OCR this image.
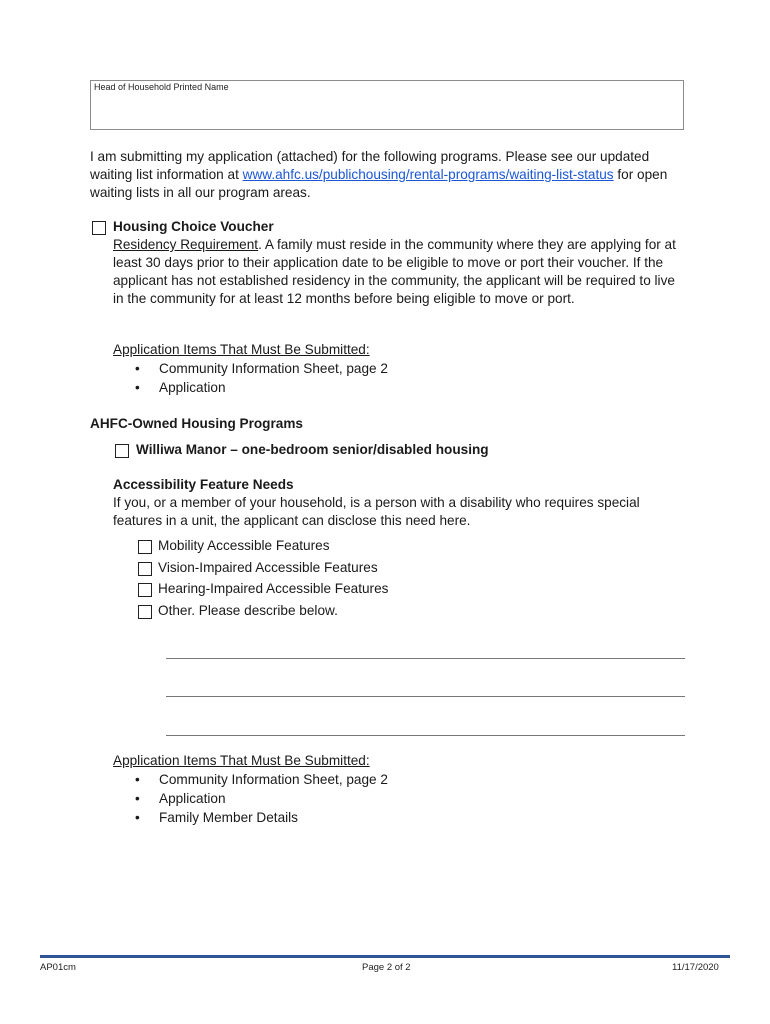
Head of Household Printed Name
I am submitting my application (attached) for the following programs. Please see our updated waiting list information at www.ahfc.us/publichousing/rental-programs/waiting-list-status for open waiting lists in all our program areas.
Housing Choice Voucher
Residency Requirement. A family must reside in the community where they are applying for at least 30 days prior to their application date to be eligible to move or port their voucher. If the applicant has not established residency in the community, the applicant will be required to live in the community for at least 12 months before being eligible to move or port.
Application Items That Must Be Submitted:
• Community Information Sheet, page 2
• Application
AHFC-Owned Housing Programs
Williwa Manor – one-bedroom senior/disabled housing
Accessibility Feature Needs
If you, or a member of your household, is a person with a disability who requires special features in a unit, the applicant can disclose this need here.
Mobility Accessible Features
Vision-Impaired Accessible Features
Hearing-Impaired Accessible Features
Other. Please describe below.
Application Items That Must Be Submitted:
• Community Information Sheet, page 2
• Application
• Family Member Details
AP01cm	Page 2 of 2	11/17/2020
